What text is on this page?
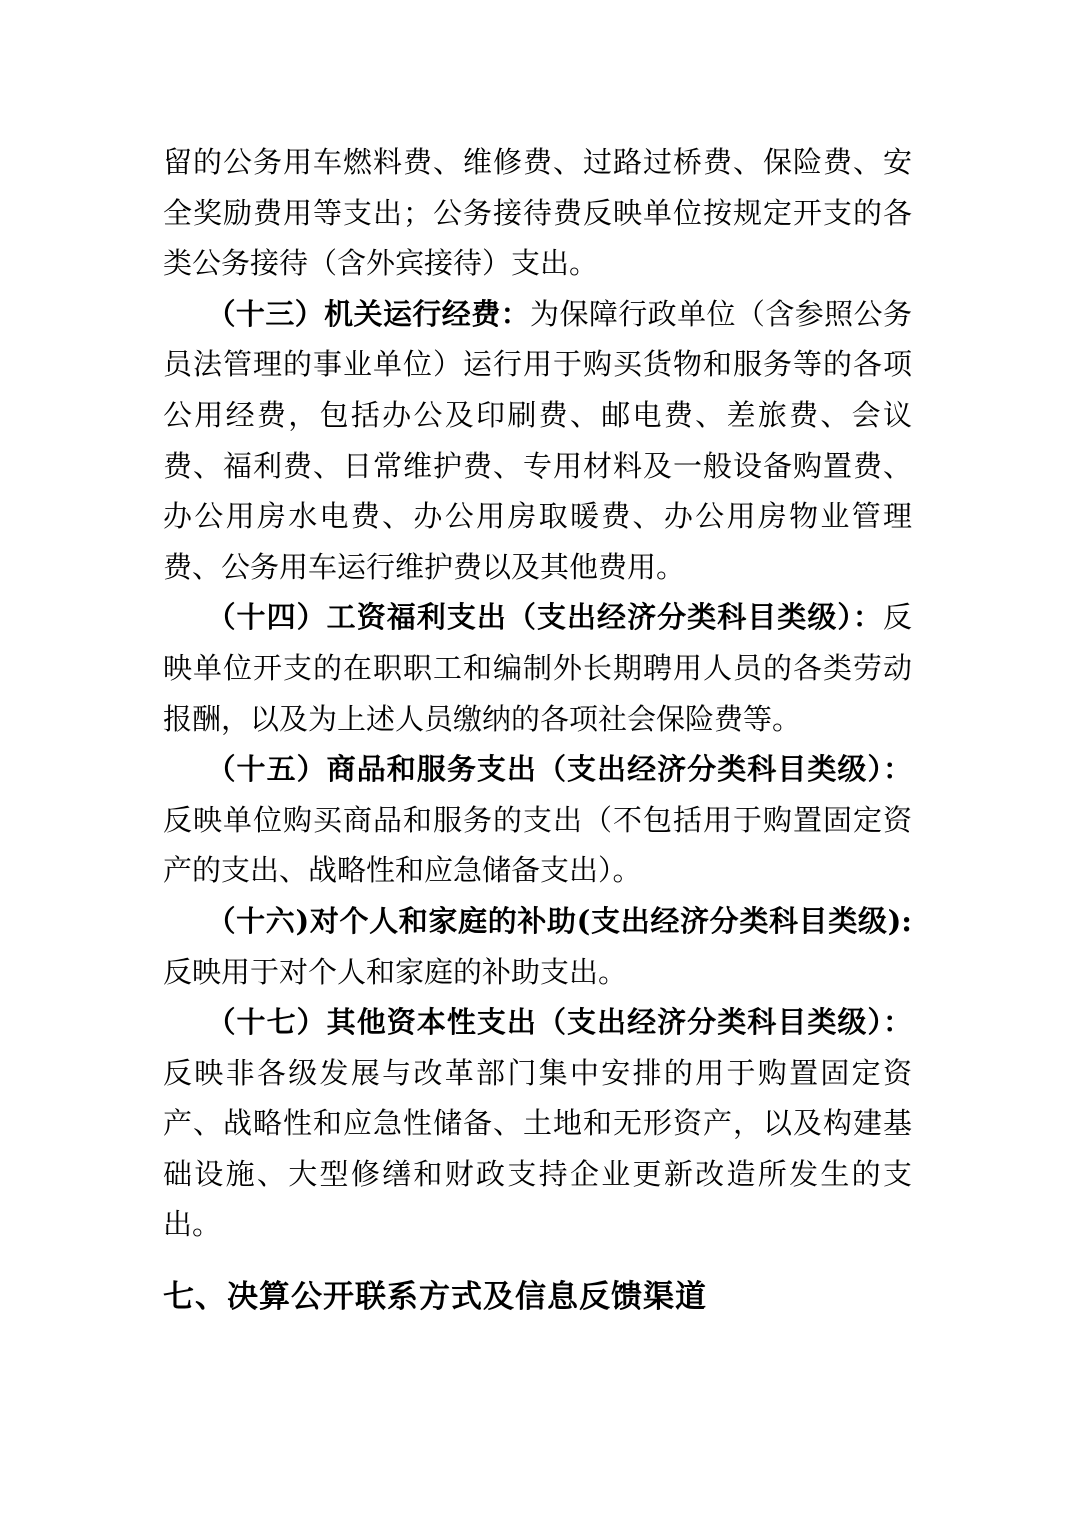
留的公务用车燃料费、维修费、过路过桥费、保险费、安全奖励费用等支出；公务接待费反映单位按规定开支的各类公务接待（含外宾接待）支出。

（十三）机关运行经费：为保障行政单位（含参照公务员法管理的事业单位）运行用于购买货物和服务等的各项公用经费，包括办公及印刷费、邮电费、差旅费、会议费、福利费、日常维护费、专用材料及一般设备购置费、办公用房水电费、办公用房取暖费、办公用房物业管理费、公务用车运行维护费以及其他费用。

（十四）工资福利支出（支出经济分类科目类级）：反映单位开支的在职职工和编制外长期聘用人员的各类劳动报酬，以及为上述人员缴纳的各项社会保险费等。

（十五）商品和服务支出（支出经济分类科目类级）：反映单位购买商品和服务的支出（不包括用于购置固定资产的支出、战略性和应急储备支出）。

（十六)对个人和家庭的补助(支出经济分类科目类级):反映用于对个人和家庭的补助支出。

（十七）其他资本性支出（支出经济分类科目类级）：反映非各级发展与改革部门集中安排的用于购置固定资产、战略性和应急性储备、土地和无形资产，以及构建基础设施、大型修缮和财政支持企业更新改造所发生的支出。

七、决算公开联系方式及信息反馈渠道
